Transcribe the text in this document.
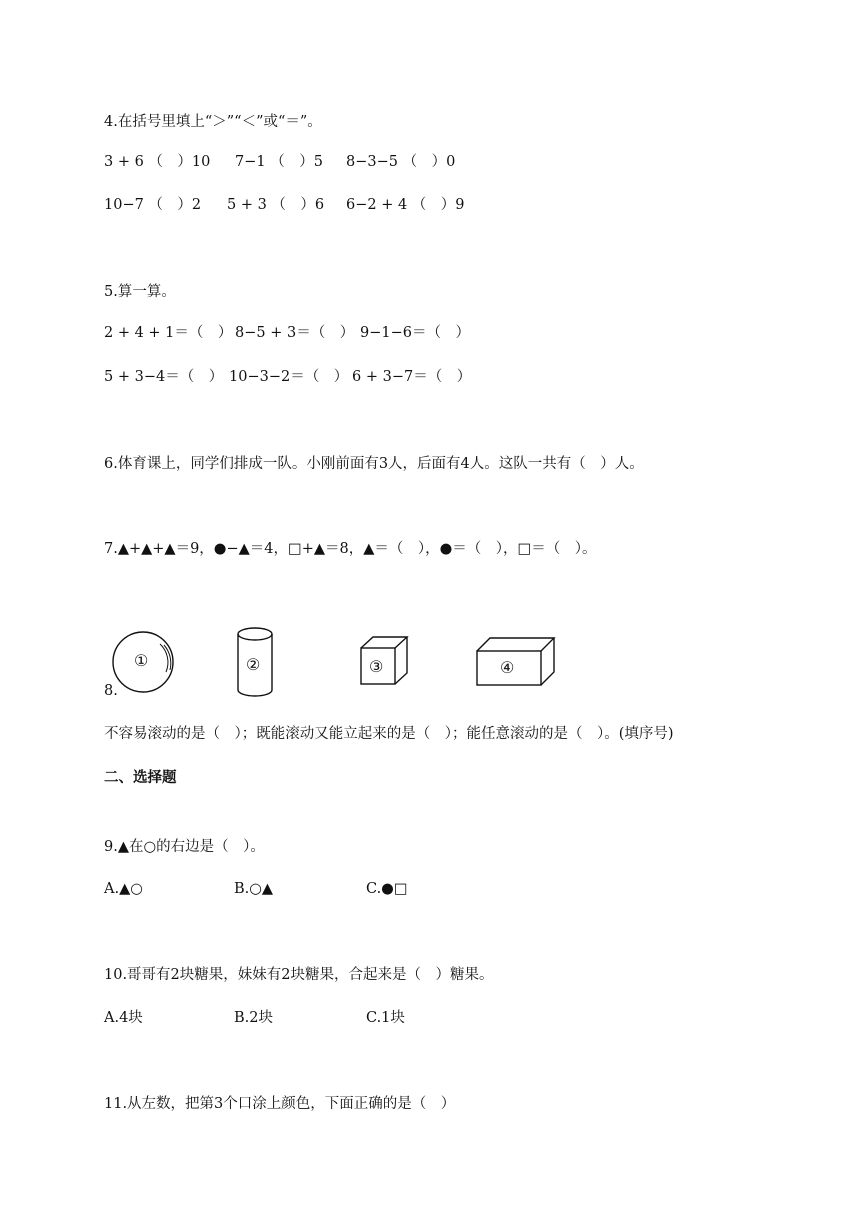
4.在括号里填上“＞”“＜”或“＝”。
3 + 6 （　）10 7−1 （　）5 8−3−5 （　）0
10−7 （　）2 5 + 3 （　）6 6−2 + 4 （　）9
5.算一算。
2 + 4 + 1＝（　） 8−5 + 3＝（　） 9−1−6＝（　）
5 + 3−4＝（　） 10−3−2＝（　） 6 + 3−7＝（　）
6.体育课上，同学们排成一队。小刚前面有3人，后面有4人。这队一共有（　）人。
7.▲+▲+▲＝9，●−▲＝4，□+▲＝8，▲＝（　），●＝（　），□＝（　）。
①	②	③	④
8.
不容易滚动的是（　）；既能滚动又能立起来的是（　）；能任意滚动的是（　）。(填序号)
二、选择题
9.▲在○的右边是（　）。
A.▲○	B.○▲	C.●□
10.哥哥有2块糖果，妹妹有2块糖果，合起来是（　）糖果。
A.4块	B.2块	C.1块
11.从左数，把第3个口涂上颜色，下面正确的是（　）
